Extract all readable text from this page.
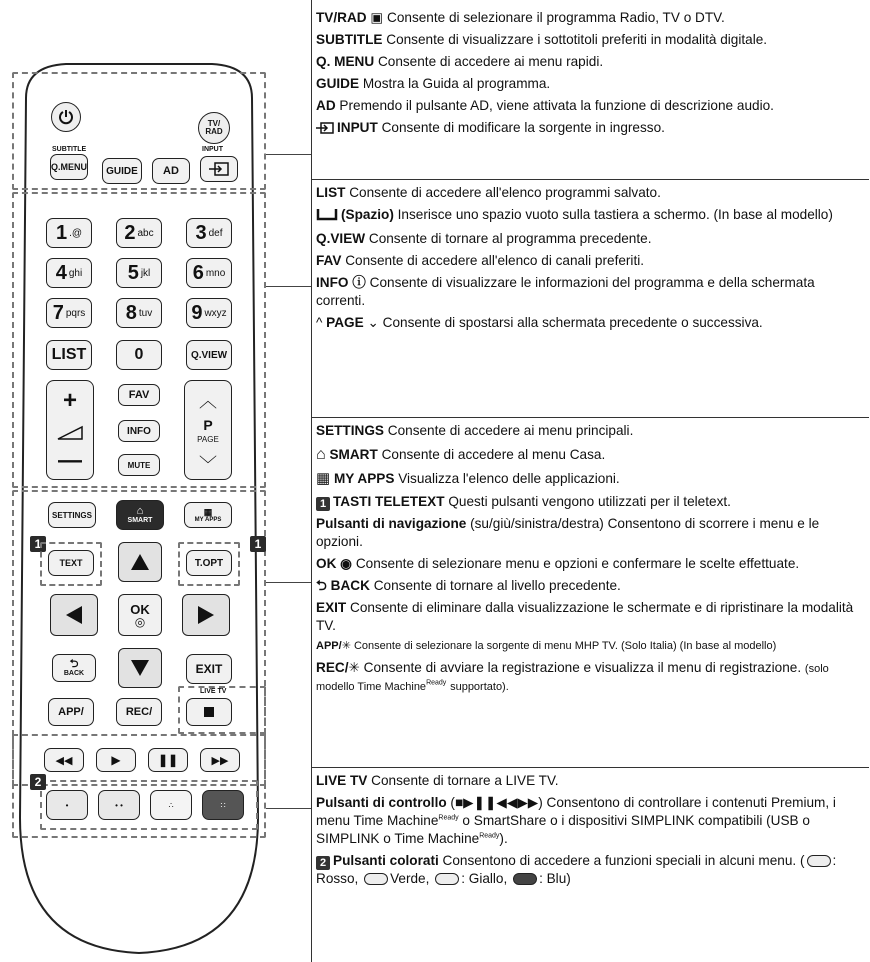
TV/ RAD
SUBTITLE	INPUT
Q.MENU GUIDE AD
LIST	0	Q.VIEW
+
—
FAV
INFO
MUTE
︿
P
PAGE
﹀
SETTINGS	⌂
SMART
▦
MY APPS
1	1
TEXT	T.OPT
OK
◎
⮌
BACK	EXIT
LIVE TV
APP/	REC/
◀◀	▶	❚❚	▶▶
2
•	• •	∴	∷
1 .@ 2 abc 3 def
4 ghi 5 jkl 6 mno
7 pqrs 8 tuv 9 wxyz
TV/RAD ▣ Consente di selezionare il programma Radio, TV o DTV.
SUBTITLE Consente di visualizzare i sottotitoli preferiti in modalità digitale.
Q. MENU Consente di accedere ai menu rapidi.
GUIDE Mostra la Guida al programma.
AD Premendo il pulsante AD, viene attivata la funzione di descrizione audio.
INPUT Consente di modificare la sorgente in ingresso.
LIST Consente di accedere all'elenco programmi salvato.
(Spazio) Inserisce uno spazio vuoto sulla tastiera a schermo. (In base al modello)
Q.VIEW Consente di tornare al programma precedente.
FAV Consente di accedere all'elenco di canali preferiti.
INFO ⓘ Consente di visualizzare le informazioni del programma e della schermata correnti.
^ PAGE ⌄ Consente di spostarsi alla schermata precedente o successiva.
SETTINGS Consente di accedere ai menu principali.
⌂ SMART Consente di accedere al menu Casa.
▦ MY APPS Visualizza l'elenco delle applicazioni.
1 TASTI TELETEXT Questi pulsanti vengono utilizzati per il teletext.
Pulsanti di navigazione (su/giù/sinistra/destra) Consentono di scorrere i menu e le opzioni.
OK ◉ Consente di selezionare menu e opzioni e confermare le scelte effettuate.
⮌ BACK Consente di tornare al livello precedente.
EXIT Consente di eliminare dalla visualizzazione le schermate e di ripristinare la modalità TV.
APP/✳ Consente di selezionare la sorgente di menu MHP TV. (Solo Italia) (In base al modello)
REC/✳ Consente di avviare la registrazione e visualizza il menu di registrazione. (solo modello Time Machine$^{Ready}$ supportato).
LIVE TV Consente di tornare a LIVE TV.
Pulsanti di controllo (■▶❚❚◀◀▶▶) Consentono di controllare i contenuti Premium, i menu Time Machine$^{Ready}$ o SmartShare o i dispositivi SIMPLINK compatibili (USB o SIMPLINK o Time Machine$^{Ready}$).
2 Pulsanti colorati Consentono di accedere a funzioni speciali in alcuni menu. ( : Rosso, Verde, : Giallo, : Blu)
